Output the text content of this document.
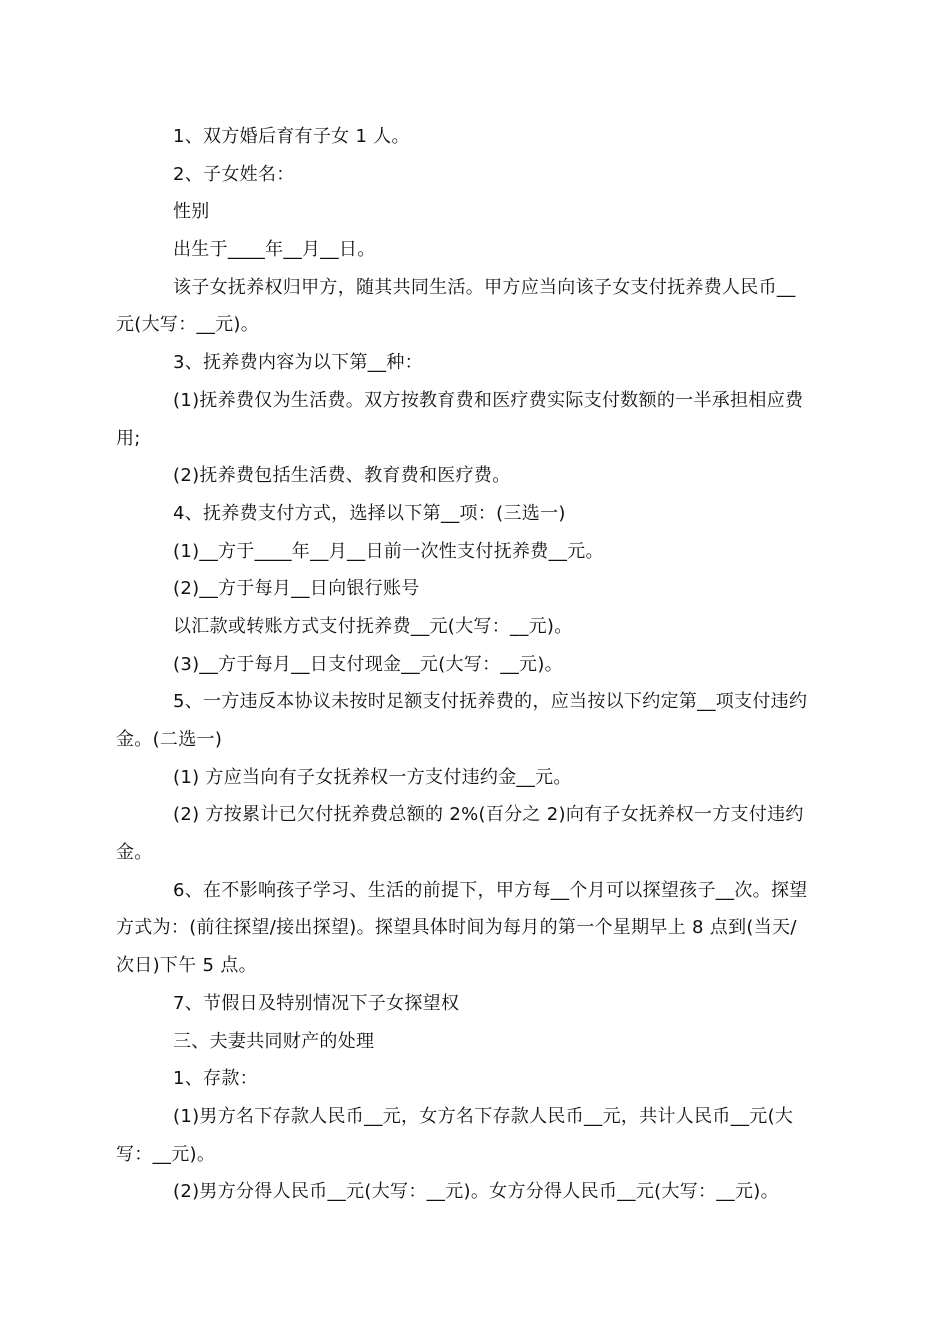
1、双方婚后育有子女 1 人。
2、子女姓名：
性别
出生于____年__月__日。
该子女抚养权归甲方，随其共同生活。甲方应当向该子女支付抚养费人民币__
元(大写：__元)。
3、抚养费内容为以下第__种：
(1)抚养费仅为生活费。双方按教育费和医疗费实际支付数额的一半承担相应费
用;
(2)抚养费包括生活费、教育费和医疗费。
4、抚养费支付方式，选择以下第__项：(三选一)
(1)__方于____年__月__日前一次性支付抚养费__元。
(2)__方于每月__日向银行账号
以汇款或转账方式支付抚养费__元(大写：__元)。
(3)__方于每月__日支付现金__元(大写：__元)。
5、一方违反本协议未按时足额支付抚养费的，应当按以下约定第__项支付违约
金。(二选一)
(1) 方应当向有子女抚养权一方支付违约金__元。
(2) 方按累计已欠付抚养费总额的 2%(百分之 2)向有子女抚养权一方支付违约
金。
6、在不影响孩子学习、生活的前提下，甲方每__个月可以探望孩子__次。探望
方式为：(前往探望/接出探望)。探望具体时间为每月的第一个星期早上 8 点到(当天/
次日)下午 5 点。
7、节假日及特别情况下子女探望权
三、夫妻共同财产的处理
1、存款：
(1)男方名下存款人民币__元，女方名下存款人民币__元，共计人民币__元(大
写：__元)。
(2)男方分得人民币__元(大写：__元)。女方分得人民币__元(大写：__元)。
